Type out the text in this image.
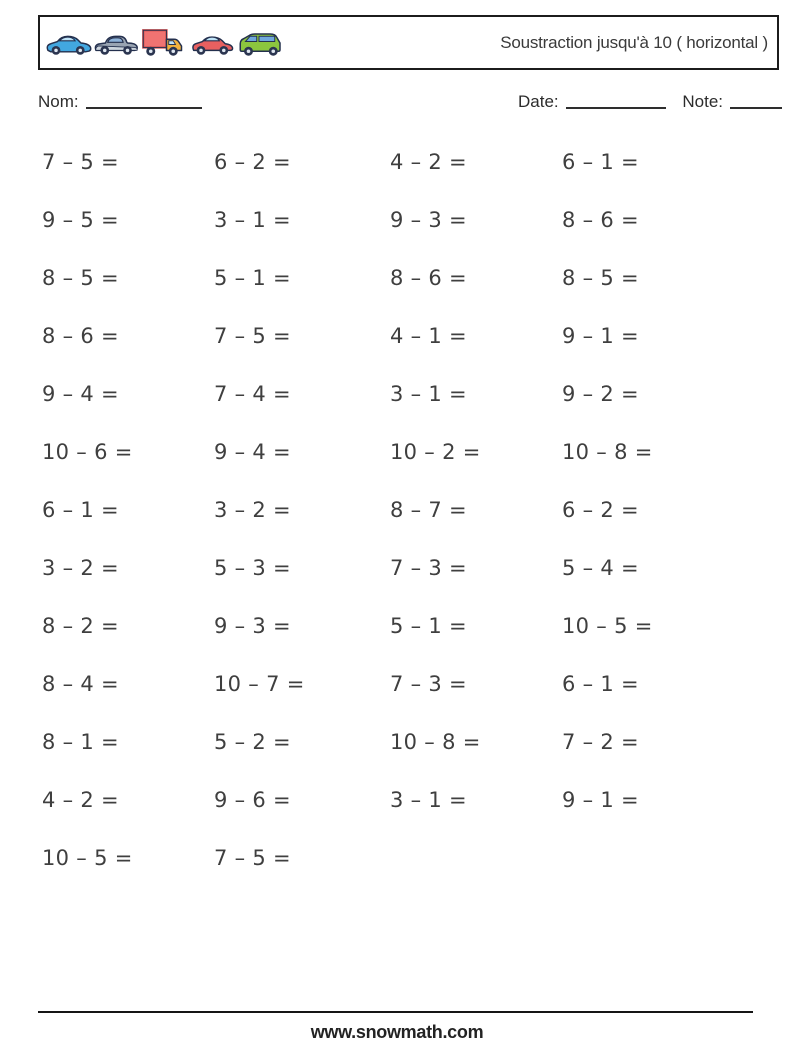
Soustraction jusqu'à 10 ( horizontal )
Nom:	Date:	Note:
7 – 5 =	6 – 2 =	4 – 2 =	6 – 1 =
9 – 5 =	3 – 1 =	9 – 3 =	8 – 6 =
8 – 5 =	5 – 1 =	8 – 6 =	8 – 5 =
8 – 6 =	7 – 5 =	4 – 1 =	9 – 1 =
9 – 4 =	7 – 4 =	3 – 1 =	9 – 2 =
10 – 6 =	9 – 4 =	10 – 2 =	10 – 8 =
6 – 1 =	3 – 2 =	8 – 7 =	6 – 2 =
3 – 2 =	5 – 3 =	7 – 3 =	5 – 4 =
8 – 2 =	9 – 3 =	5 – 1 =	10 – 5 =
8 – 4 =	10 – 7 =	7 – 3 =	6 – 1 =
8 – 1 =	5 – 2 =	10 – 8 =	7 – 2 =
4 – 2 =	9 – 6 =	3 – 1 =	9 – 1 =
10 – 5 =	7 – 5 =
www.snowmath.com
